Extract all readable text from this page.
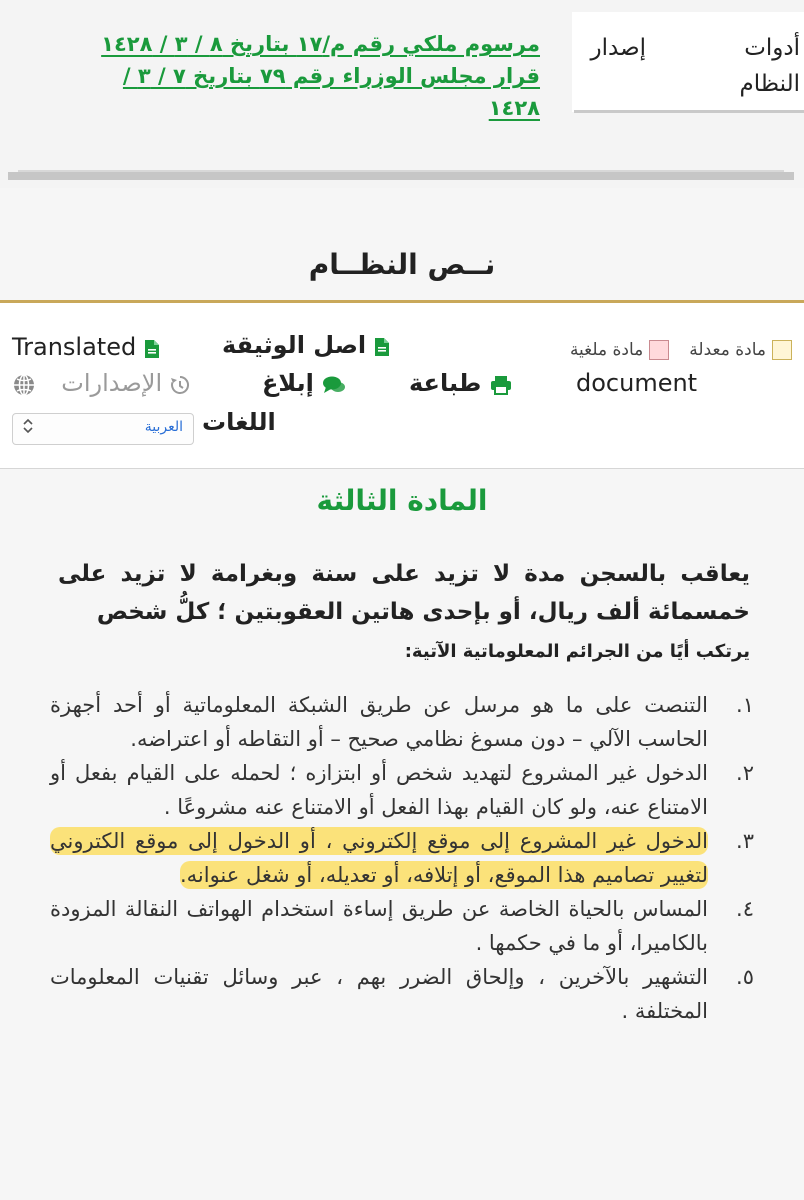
أدوات النظام
إصدار
مرسوم ملكي رقم م/١٧ بتاريخ ٨ / ٣ / ١٤٢٨
قرار مجلس الوزراء رقم ٧٩ بتاريخ ٧ / ٣ /
١٤٢٨
نــص النظــام
مادة معدلة
مادة ملغية
اصل الوثيقة
Translated
document
طباعة
إبلاغ
الإصدارات
اللغات
العربية
المادة الثالثة
يعاقب بالسجن مدة لا تزيد على سنة وبغرامة لا تزيد على خمسمائة ألف ريال، أو بإحدى هاتين العقوبتين ؛ كلُّ شخص
يرتكب أيًا من الجرائم المعلوماتية الآتية:
١.
التنصت على ما هو مرسل عن طريق الشبكة المعلوماتية أو أحد أجهزة الحاسب الآلي – دون مسوغ نظامي صحيح – أو التقاطه أو اعتراضه.
٢.
الدخول غير المشروع لتهديد شخص أو ابتزازه ؛ لحمله على القيام بفعل أو الامتناع عنه، ولو كان القيام بهذا الفعل أو الامتناع عنه مشروعًا .
٣.
الدخول غير المشروع إلى موقع إلكتروني ، أو الدخول إلى موقع الكتروني لتغيير تصاميم هذا الموقع، أو إتلافه، أو تعديله، أو شغل عنوانه.
٤.
المساس بالحياة الخاصة عن طريق إساءة استخدام الهواتف النقالة المزودة بالكاميرا، أو ما في حكمها .
٥.
التشهير بالآخرين ، وإلحاق الضرر بهم ، عبر وسائل تقنيات المعلومات المختلفة .
